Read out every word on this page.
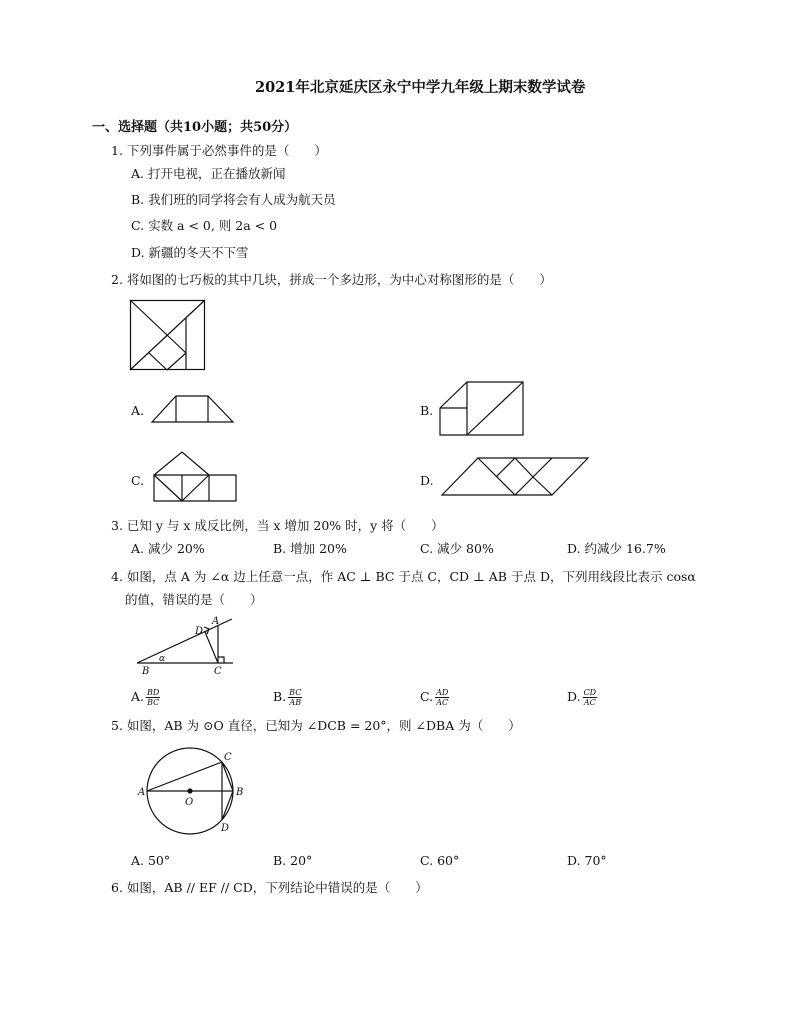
2021年北京延庆区永宁中学九年级上期末数学试卷
一、选择题（共10小题；共50分）
1. 下列事件属于必然事件的是（　　）
A. 打开电视，正在播放新闻
B. 我们班的同学将会有人成为航天员
C. 实数 a < 0, 则 2a < 0
D. 新疆的冬天不下雪
2. 将如图的七巧板的其中几块，拼成一个多边形，为中心对称图形的是（　　）
A.	B.
C.	D.
3. 已知 y 与 x 成反比例，当 x 增加 20% 时，y 将（　　）
A. 减少 20%	B. 增加 20%	C. 减少 80%	D. 约减少 16.7%
4. 如图，点 A 为 ∠α 边上任意一点，作 AC ⊥ BC 于点 C，CD ⊥ AB 于点 D，下列用线段比表示 cosα
的值，错误的是（　　）
B	C
A
D
α
A. $\frac{BD}{BC}$	B. $\frac{BC}{AB}$	C. $\frac{AD}{AC}$	D. $\frac{CD}{AC}$
5. 如图，AB 为 ⊙O 直径，已知为 ∠DCB = 20°，则 ∠DBA 为（　　）
A	B
C
D
O
A. 50°	B. 20°	C. 60°	D. 70°
6. 如图，AB // EF // CD，下列结论中错误的是（　　）
